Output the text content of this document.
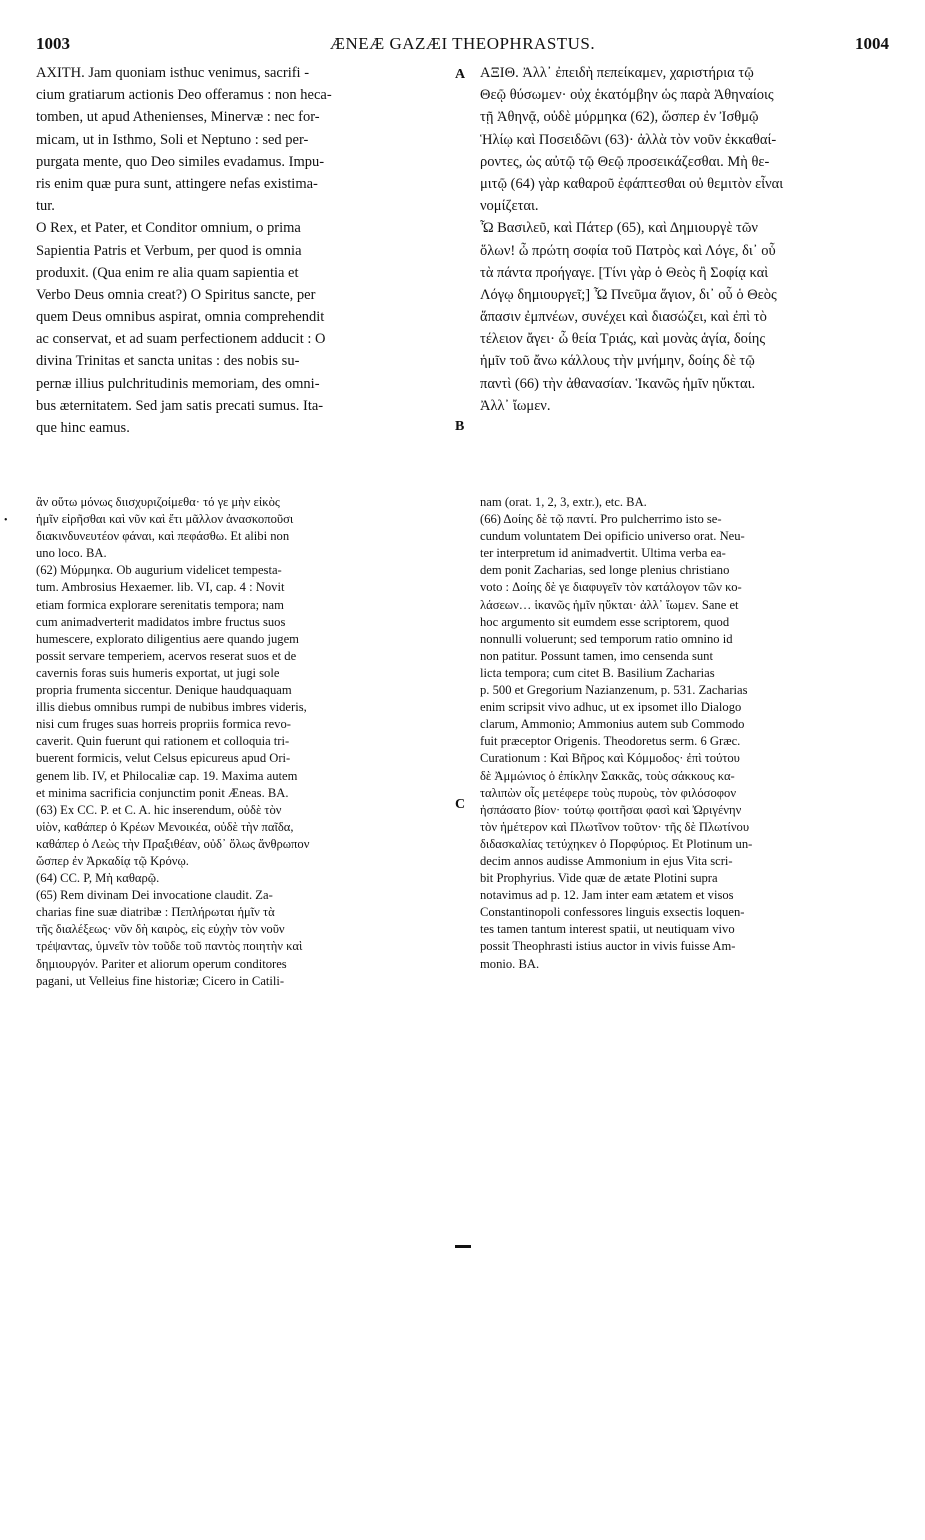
1003	ÆNEÆ GAZÆI THEOPHRASTUS.	1004
A
B
C
AXITH. Jam quoniam isthuc venimus, sacrifi -
cium gratiarum actionis Deo offeramus : non heca-
tomben, ut apud Athenienses, Minervæ : nec for-
micam, ut in Isthmo, Soli et Neptuno : sed per-
purgata mente, quo Deo similes evadamus. Impu-
ris enim quæ pura sunt, attingere nefas existima-
tur.
O Rex, et Pater, et Conditor omnium, o prima
Sapientia Patris et Verbum, per quod is omnia
produxit. (Qua enim re alia quam sapientia et
Verbo Deus omnia creat?) O Spiritus sancte, per
quem Deus omnibus aspirat, omnia comprehendit
ac conservat, et ad suam perfectionem adducit : O
divina Trinitas et sancta unitas : des nobis su-
pernæ illius pulchritudinis memoriam, des omni-
bus æternitatem. Sed jam satis precati sumus. Ita-
que hinc eamus.
ΑΞΙΘ. Ἀλλ᾽ ἐπειδὴ πεπείκαμεν, χαριστήρια τῷ
Θεῷ θύσωμεν· οὐχ ἑκατόμβην ὡς παρὰ Ἀθηναίοις
τῇ Ἀθηνᾷ, οὐδὲ μύρμηκα (62), ὥσπερ ἐν Ἰσθμῷ
Ἡλίῳ καὶ Ποσειδῶνι (63)· ἀλλὰ τὸν νοῦν ἐκκαθαί-
ροντες, ὡς αὐτῷ τῷ Θεῷ προσεικάζεσθαι. Μὴ θε-
μιτῷ (64) γὰρ καθαροῦ ἐφάπτεσθαι οὐ θεμιτὸν εἶναι
νομίζεται.
Ὦ Βασιλεῦ, καὶ Πάτερ (65), καὶ Δημιουργὲ τῶν
ὅλων! ὦ πρώτη σοφία τοῦ Πατρὸς καὶ Λόγε, δι᾽ οὗ
τὰ πάντα προήγαγε. [Τίνι γὰρ ὁ Θεὸς ἢ Σοφίᾳ καὶ
Λόγῳ δημιουργεῖ;] Ὦ Πνεῦμα ἅγιον, δι᾽ οὗ ὁ Θεὸς
ἅπασιν ἐμπνέων, συνέχει καὶ διασώζει, καὶ ἐπὶ τὸ
τέλειον ἄγει· ὦ θεία Τριάς, καὶ μονὰς ἁγία, δοίης
ἡμῖν τοῦ ἄνω κάλλους τὴν μνήμην, δοίης δὲ τῷ
παντὶ (66) τὴν ἀθανασίαν. Ἱκανῶς ἡμῖν ηὔκται.
Ἀλλ᾽ ἴωμεν.
•
ἂν οὕτω μόνως διισχυριζοίμεθα· τό γε μὴν εἰκὸς
ἡμῖν εἰρῆσθαι καὶ νῦν καὶ ἔτι μᾶλλον ἀνασκοποῦσι
διακινδυνευτέον φάναι, καὶ πεφάσθω. Et alibi non
uno loco. BA.
(62) Μύρμηκα. Ob augurium videlicet tempesta-
tum. Ambrosius Hexaemer. lib. VI, cap. 4 : Novit
etiam formica explorare serenitatis tempora; nam
cum animadverterit madidatos imbre fructus suos
humescere, explorato diligentius aere quando jugem
possit servare temperiem, acervos reserat suos et de
cavernis foras suis humeris exportat, ut jugi sole
propria frumenta siccentur. Denique haudquaquam
illis diebus omnibus rumpi de nubibus imbres videris,
nisi cum fruges suas horreis propriis formica revo-
caverit. Quin fuerunt qui rationem et colloquia tri-
buerent formicis, velut Celsus epicureus apud Ori-
genem lib. IV, et Philocaliæ cap. 19. Maxima autem
et minima sacrificia conjunctim ponit Æneas. BA.
(63) Ex CC. P. et C. A. hic inserendum, οὐδὲ τὸν
υἱὸν, καθάπερ ὁ Κρέων Μενοικέα, οὐδὲ τὴν παῖδα,
καθάπερ ὁ Λεὼς τὴν Πραξιθέαν, οὐδ᾽ ὅλως ἄνθρωπον
ὥσπερ ἐν Ἀρκαδίᾳ τῷ Κρόνῳ.
(64) CC. P, Μὴ καθαρῷ.
(65) Rem divinam Dei invocatione claudit. Za-
charias fine suæ diatribæ : Πεπλήρωται ἡμῖν τὰ
τῆς διαλέξεως· νῦν δὴ καιρὸς, εἰς εὐχὴν τὸν νοῦν
τρέψαντας, ὑμνεῖν τὸν τοῦδε τοῦ παντὸς ποιητὴν καὶ
δημιουργόν. Pariter et aliorum operum conditores
pagani, ut Velleius fine historiæ; Cicero in Catili-
nam (orat. 1, 2, 3, extr.), etc. BA.
(66) Δοίης δὲ τῷ παντί. Pro pulcherrimo isto se-
cundum voluntatem Dei opificio universo orat. Neu-
ter interpretum id animadvertit. Ultima verba ea-
dem ponit Zacharias, sed longe plenius christiano
voto : Δοίης δὲ γε διαφυγεῖν τὸν κατάλογον τῶν κο-
λάσεων… ἱκανῶς ἡμῖν ηὔκται· ἀλλ᾽ ἴωμεν. Sane et
hoc argumento sit eumdem esse scriptorem, quod
nonnulli voluerunt; sed temporum ratio omnino id
non patitur. Possunt tamen, imo censenda sunt
licta tempora; cum citet B. Basilium Zacharias
p. 500 et Gregorium Nazianzenum, p. 531. Zacharias
enim scripsit vivo adhuc, ut ex ipsomet illo Dialogo
clarum, Ammonio; Ammonius autem sub Commodo
fuit præceptor Origenis. Theodoretus serm. 6 Græc.
Curationum : Καὶ Βῆρος καὶ Κόμμοδος· ἐπὶ τούτου
δὲ Ἀμμώνιος ὁ ἐπίκλην Σακκᾶς, τοὺς σάκκους κα-
ταλιπὼν οἷς μετέφερε τοὺς πυροὺς, τὸν φιλόσοφον
ἠσπάσατο βίον· τούτῳ φοιτῆσαι φασὶ καὶ Ὠριγένην
τὸν ἡμέτερον καὶ Πλωτῖνον τοῦτον· τῆς δὲ Πλωτίνου
διδασκαλίας τετύχηκεν ὁ Πορφύριος. Et Plotinum un-
decim annos audisse Ammonium in ejus Vita scri-
bit Prophyrius. Vide quæ de ætate Plotini supra
notavimus ad p. 12. Jam inter eam ætatem et visos
Constantinopoli confessores linguis exsectis loquen-
tes tamen tantum interest spatii, ut neutiquam vivo
possit Theophrasti istius auctor in vivis fuisse Am-
monio. BA.
